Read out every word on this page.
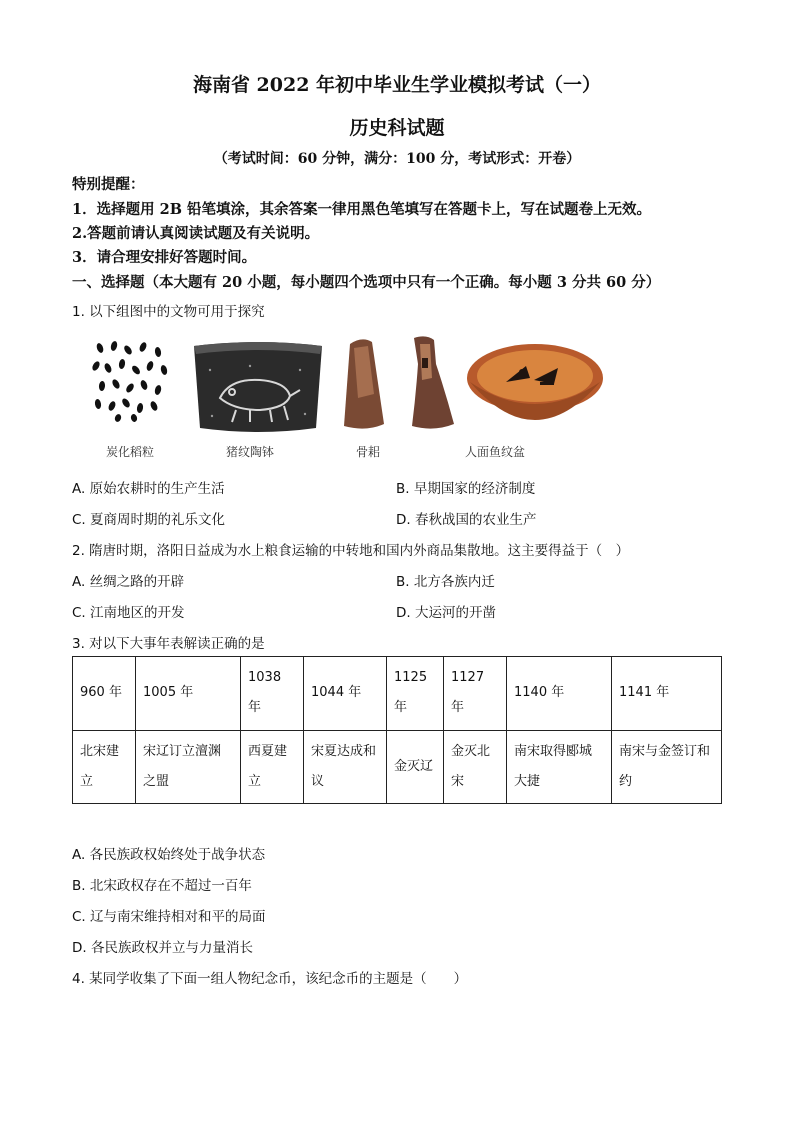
海南省 2022 年初中毕业生学业模拟考试（一）
历史科试题
（考试时间：60 分钟，满分：100 分，考试形式：开卷）
特别提醒：
1．选择题用 2B 铅笔填涂，其余答案一律用黑色笔填写在答题卡上，写在试题卷上无效。
2.答题前请认真阅读试题及有关说明。
3．请合理安排好答题时间。
一、选择题（本大题有 20 小题，每小题四个选项中只有一个正确。每小题 3 分共 60 分）
1. 以下组图中的文物可用于探究
炭化稻粒	猪纹陶钵	骨耜	人面鱼纹盆
A. 原始农耕时的生产生活	B. 早期国家的经济制度
C. 夏商周时期的礼乐文化	D. 春秋战国的农业生产
2. 隋唐时期，洛阳日益成为水上粮食运输的中转地和国内外商品集散地。这主要得益于（　）
A. 丝绸之路的开辟	B. 北方各族内迁
C. 江南地区的开发	D. 大运河的开凿
3. 对以下大事年表解读正确的是
960 年	1005 年	1038 年	1044 年	1125 年	1127 年	1140 年	1141 年
北宋建立	宋辽订立澶渊之盟	西夏建立	宋夏达成和议	金灭辽	金灭北宋	南宋取得郾城大捷	南宋与金签订和约
A. 各民族政权始终处于战争状态
B. 北宋政权存在不超过一百年
C. 辽与南宋维持相对和平的局面
D. 各民族政权并立与力量消长
4. 某同学收集了下面一组人物纪念币，该纪念币的主题是（　　）
